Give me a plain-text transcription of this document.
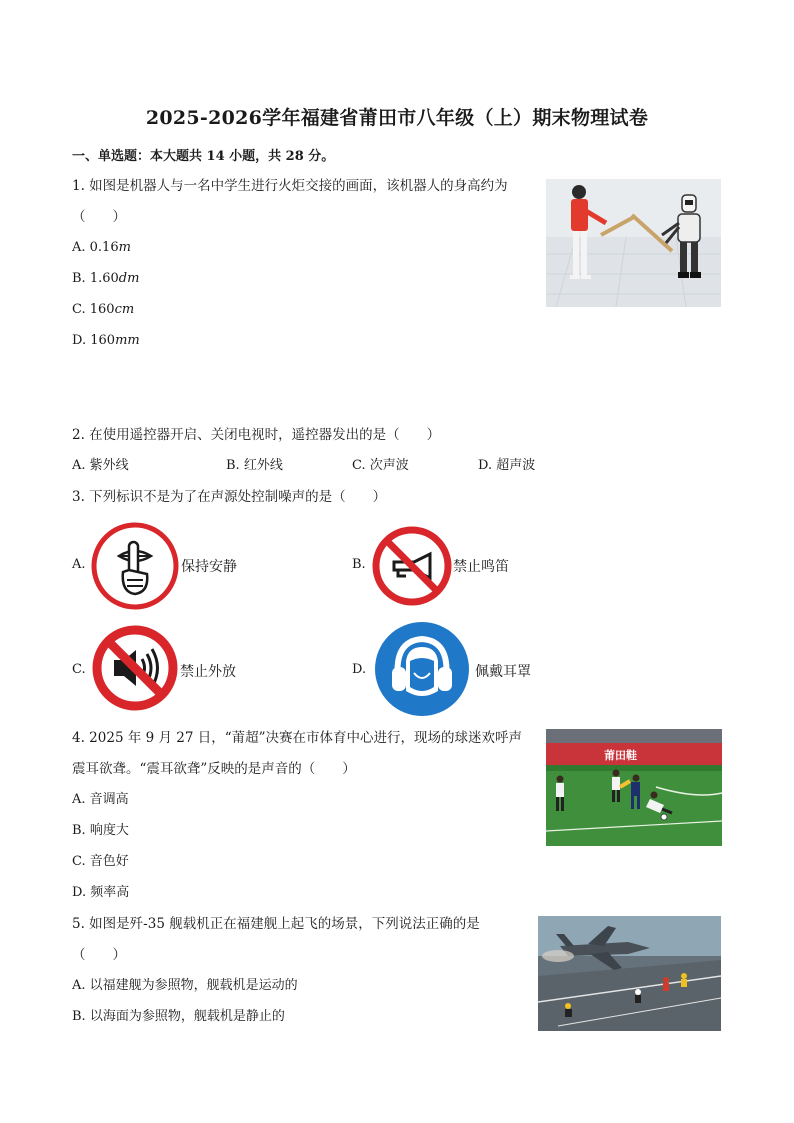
2025-2026学年福建省莆田市八年级（上）期末物理试卷
一、单选题：本大题共 14 小题，共 28 分。
1. 如图是机器人与一名中学生进行火炬交接的画面，该机器人的身高约为
（　　）
A. 0.16m
B. 1.60dm
C. 160cm
D. 160mm
2. 在使用遥控器开启、关闭电视时，遥控器发出的是（　　）
A. 紫外线	B. 红外线	C. 次声波	D. 超声波
3. 下列标识不是为了在声源处控制噪声的是（　　）
A.	保持安静	B.	禁止鸣笛
C.	禁止外放	D.	佩戴耳罩
4. 2025 年 9 月 27 日，“莆超”决赛在市体育中心进行，现场的球迷欢呼声
震耳欲聋。“震耳欲聋”反映的是声音的（　　）
A. 音调高
B. 响度大
C. 音色好
D. 频率高
莆田鞋
5. 如图是歼-35 舰载机正在福建舰上起飞的场景，下列说法正确的是
（　　）
A. 以福建舰为参照物，舰载机是运动的
B. 以海面为参照物，舰载机是静止的
